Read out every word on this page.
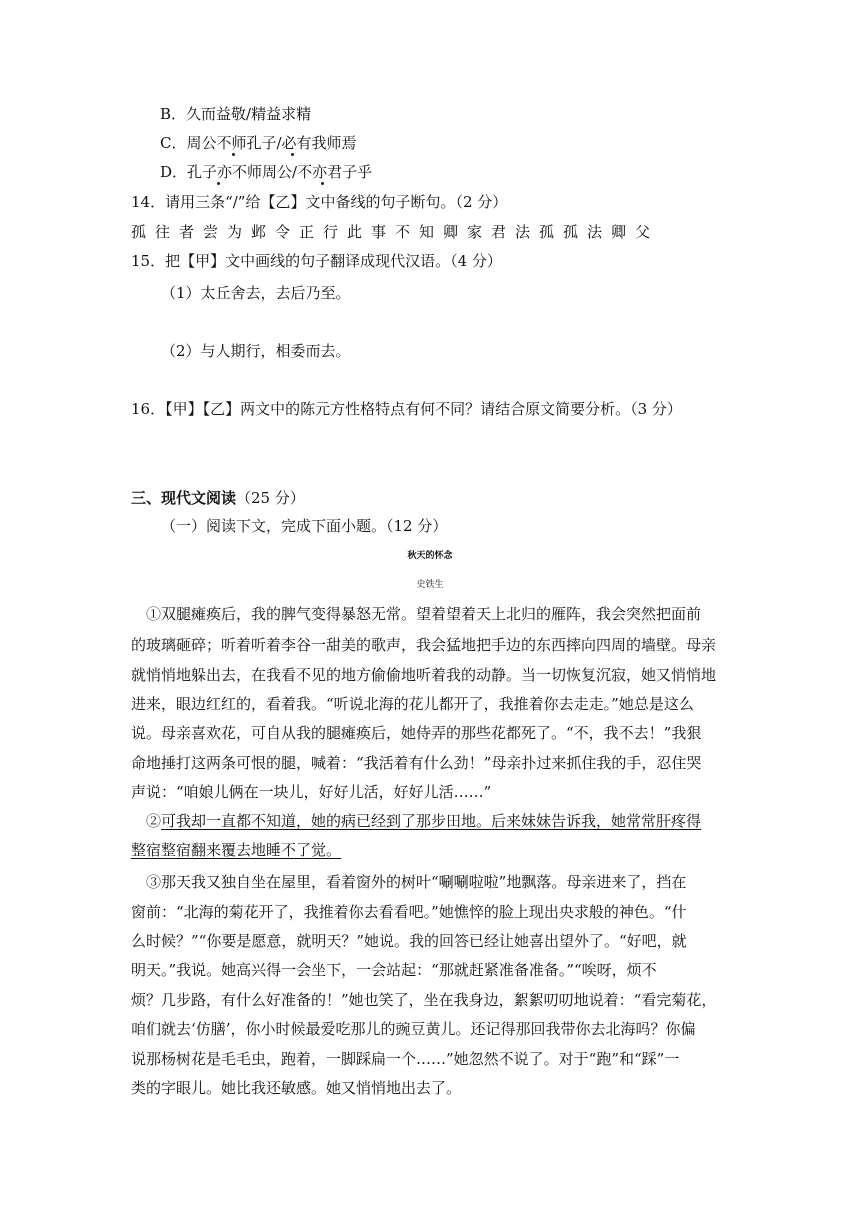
B．久而益敬/精益求精
C．周公不师孔子/必有我师焉
D．孔子亦不师周公/不亦君子乎
14．请用三条“/”给【乙】文中备线的句子断句。（2 分）
孤往者尝为邺令正行此事不知卿家君法孤孤法卿父
15．把【甲】文中画线的句子翻译成现代汉语。（4 分）
（1）太丘舍去，去后乃至。
（2）与人期行，相委而去。
16．【甲】【乙】两文中的陈元方性格特点有何不同？请结合原文简要分析。（3 分）
三、现代文阅读（25 分）
（一）阅读下文，完成下面小题。（12 分）
秋天的怀念
史铁生
①双腿瘫痪后，我的脾气变得暴怒无常。望着望着天上北归的雁阵，我会突然把面前
的玻璃砸碎；听着听着李谷一甜美的歌声，我会猛地把手边的东西摔向四周的墙壁。母亲
就悄悄地躲出去，在我看不见的地方偷偷地听着我的动静。当一切恢复沉寂，她又悄悄地
进来，眼边红红的，看着我。“听说北海的花儿都开了，我推着你去走走。”她总是这么
说。母亲喜欢花，可自从我的腿瘫痪后，她侍弄的那些花都死了。“不，我不去！”我狠
命地捶打这两条可恨的腿，喊着：“我活着有什么劲！”母亲扑过来抓住我的手，忍住哭
声说：“咱娘儿俩在一块儿，好好儿活，好好儿活……”
②可我却一直都不知道，她的病已经到了那步田地。后来妹妹告诉我，她常常肝疼得
整宿整宿翻来覆去地睡不了觉。
③那天我又独自坐在屋里，看着窗外的树叶“唰唰啦啦”地飘落。母亲进来了，挡在
窗前：“北海的菊花开了，我推着你去看看吧。”她憔悴的脸上现出央求般的神色。“什
么时候？”“你要是愿意，就明天？”她说。我的回答已经让她喜出望外了。“好吧，就
明天。”我说。她高兴得一会坐下，一会站起：“那就赶紧准备准备。”“唉呀，烦不
烦？几步路，有什么好准备的！”她也笑了，坐在我身边，絮絮叨叨地说着：“看完菊花，
咱们就去‘仿膳’，你小时候最爱吃那儿的豌豆黄儿。还记得那回我带你去北海吗？你偏
说那杨树花是毛毛虫，跑着，一脚踩扁一个……”她忽然不说了。对于“跑”和“踩”一
类的字眼儿。她比我还敏感。她又悄悄地出去了。
